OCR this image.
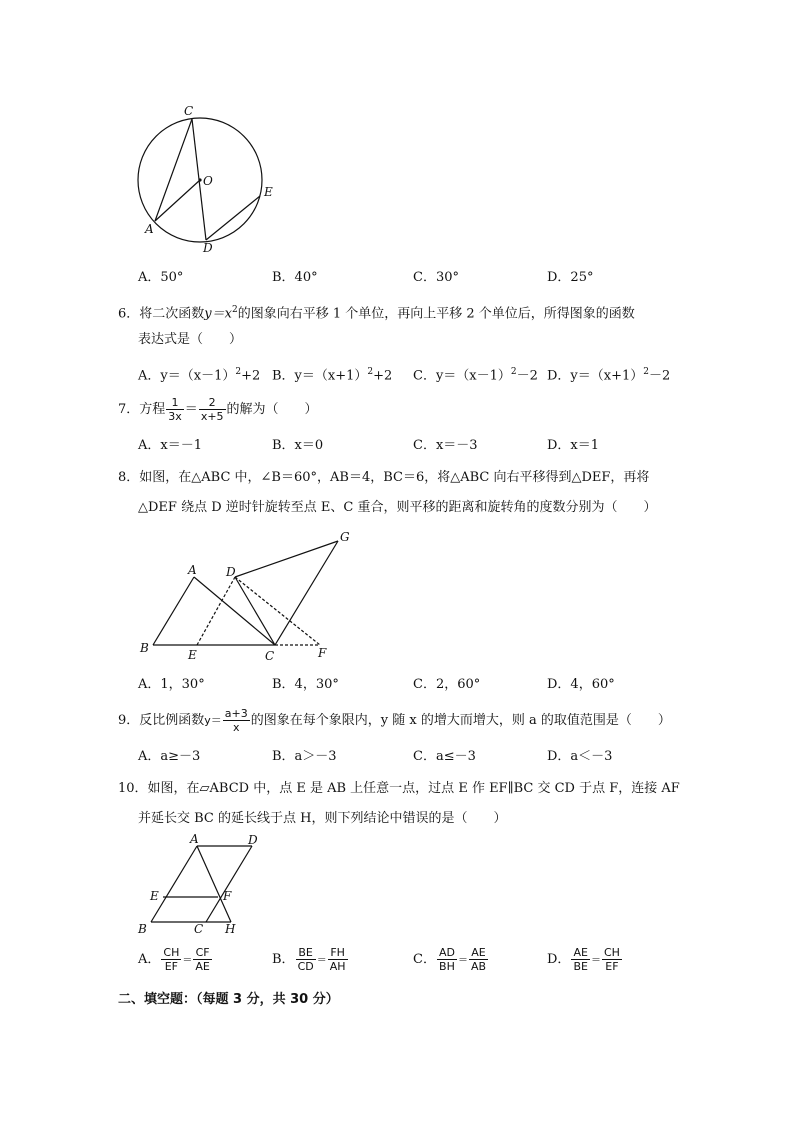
C
O
E
A
D
A．50°	B．40°	C．30°	D．25°
6．将二次函数$y=x^2$的图象向右平移 1 个单位，再向上平移 2 个单位后，所得图象的函数
表达式是（　　）
A．$y=(x-1)^2+2$ B．$y=(x+1)^2+2$ C．$y=(x-1)^2-2$ D．$y=(x+1)^2-2$
7．方程 $\frac{1}{3x} = \frac{2}{x+5}$ 的解为（　　）
A．x＝－1	B．x＝0	C．x＝－3	D．x＝1
8．如图，在△ABC 中，∠B＝60°，AB＝4，BC＝6，将△ABC 向右平移得到△DEF，再将
△DEF 绕点 D 逆时针旋转至点 E、C 重合，则平移的距离和旋转角的度数分别为（　　）
A D
G
B	E	C	F
A．1，30°	B．4，30°	C．2，60°	D．4，60°
9．反比例函数$y= \frac{a+3}{x}$ 的图象在每个象限内，y 随 x 的增大而增大，则 a 的取值范围是（　　）
A．a≥－3	B．a＞－3	C．a≤－3	D．a＜－3
10．如图，在▱ABCD 中，点 E 是 AB 上任意一点，过点 E 作 EF∥BC 交 CD 于点 F，连接 AF
并延长交 BC 的延长线于点 H，则下列结论中错误的是（　　）
A	D
E	F
B	C H
A． $\frac{CH}{EF} = \frac{CF}{AE}$	B． $\frac{BE}{CD} = \frac{FH}{AH}$	C． $\frac{AD}{BH} = \frac{AE}{AB}$	D． $\frac{AE}{BE} = \frac{CH}{EF}$
二、填空题：（每题 3 分，共 30 分）
